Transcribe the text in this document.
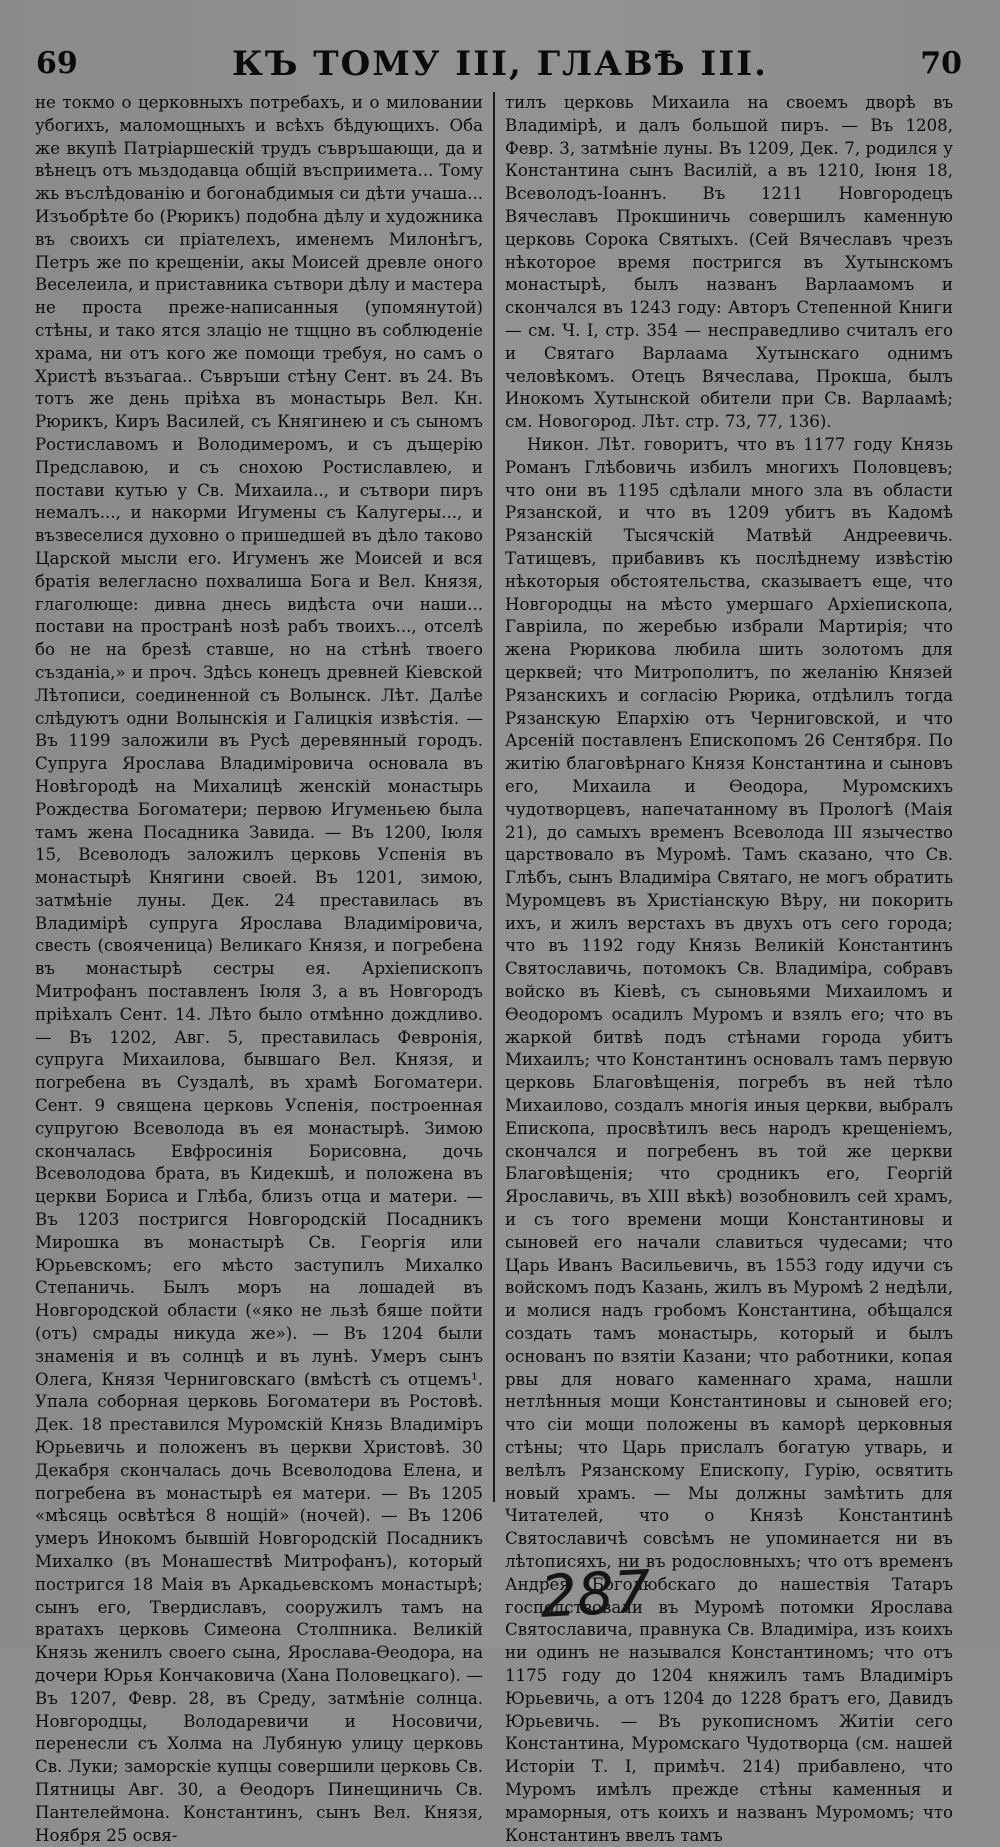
69	КЪ ТОМУ III, ГЛАВѢ III.	70

не токмо о церковныхъ потребахъ, и о миловании убогихъ, маломощныхъ и всѣхъ бѣдующихъ. Оба же вкупѣ Патріаршескій трудъ съвръшающи, да и вѣнецъ отъ мьздодавца общій въсприимета... Тому жь въслѣдованію и богонабдимыя си дѣти учаша... Изъобрѣте бо (Рюрикъ) подобна дѣлу и художника въ своихъ си пріателехъ, именемъ Милонѣгъ, Петръ же по крещеніи, акы Моисей древле оного Веселеила, и приставника сътвори дѣлу и мастера не проста преже-написанныя (упомянутой) стѣны, и тако ятся злаціо не тщцно въ соблюденіе храма, ни отъ кого же помощи требуя, но самъ о Христѣ възъагаа.. Съвръши стѣну Сент. въ 24. Въ тотъ же день пріѣха въ монастырь Вел. Кн. Рюрикъ, Киръ Василей, съ Княгинею и съ сыномъ Ростиславомъ и Володимеромъ, и съ дъщерію Предславою, и съ снохою Ростиславлею, и постави кутью у Св. Михаила.., и сътвори пиръ немалъ..., и накорми Игумены съ Калугеры..., и възвеселися духовно о пришедшей въ дѣло таково Царской мысли его. Игуменъ же Моисей и вся братія велегласно похвалиша Бога и Вел. Князя, глаголюще: дивна днесь видѣста очи наши... постави на пространѣ нозѣ рабъ твоихъ..., отселѣ бо не на брезѣ ставше, но на стѣнѣ твоего създаніа,» и проч. Здѣсь конецъ древней Кіевской Лѣтописи, соединенной съ Волынск. Лѣт. Далѣе слѣдуютъ одни Волынскія и Галицкія извѣстія. — Въ 1199 заложили въ Русѣ деревянный городъ. Супруга Ярослава Владиміровича основала въ Новѣгородѣ на Михалицѣ женскій монастырь Рождества Богоматери; первою Игуменьею была тамъ жена Посадника Завида. — Въ 1200, Іюля 15, Всеволодъ заложилъ церковь Успенія въ монастырѣ Княгини своей. Въ 1201, зимою, затмѣніе луны. Дек. 24 преставилась въ Владимірѣ супруга Ярослава Владиміровича, свесть (свояченица) Великаго Князя, и погребена въ монастырѣ сестры ея. Архіепископъ Митрофанъ поставленъ Іюля 3, а въ Новгородъ пріѣхалъ Сент. 14. Лѣто было отмѣнно дождливо. — Въ 1202, Авг. 5, преставилась Февронія, супруга Михаилова, бывшаго Вел. Князя, и погребена въ Суздалѣ, въ храмѣ Богоматери. Сент. 9 священа церковь Успенія, построенная супругою Всеволода въ ея монастырѣ. Зимою скончалась Евфросинія Борисовна, дочь Всеволодова брата, въ Кидекшѣ, и положена въ церкви Бориса и Глѣба, близъ отца и матери. — Въ 1203 постригся Новгородскій Посадникъ Мирошка въ монастырѣ Св. Георгія или Юрьевскомъ; его мѣсто заступилъ Михалко Степаничь. Былъ моръ на лошадей въ Новгородской области («яко не льзѣ бяше пойти (отъ) смрады никуда же»). — Въ 1204 были знаменія и въ солнцѣ и въ лунѣ. Умеръ сынъ Олега, Князя Черниговскаго (вмѣстѣ съ отцемъ¹. Упала соборная церковь Богоматери въ Ростовѣ. Дек. 18 преставился Муромскій Князь Владиміръ Юрьевичь и положенъ въ церкви Христовѣ. 30 Декабря скончалась дочь Всеволодова Елена, и погребена въ монастырѣ ея матери. — Въ 1205 «мѣсяць освѣтѣся 8 нощій» (ночей). — Въ 1206 умеръ Инокомъ бывшій Новгородскій Посадникъ Михалко (въ Монашествѣ Митрофанъ), который постригся 18 Маія въ Аркадьевскомъ монастырѣ; сынъ его, Твердиславъ, сооружилъ тамъ на вратахъ церковь Симеона Столпника. Великій Князь женилъ своего сына, Ярослава-Ѳеодора, на дочери Юрья Кончаковича (Хана Половецкаго). — Въ 1207, Февр. 28, въ Среду, затмѣніе солнца. Новгородцы, Володаревичи и Носовичи, перенесли съ Холма на Лубяную улицу церковь Св. Луки; заморскіе купцы совершили церковь Св. Пятницы Авг. 30, а Ѳеодоръ Пинещиничь Св. Пантелеймона. Константинъ, сынъ Вел. Князя, Ноября 25 освя-

тилъ церковь Михаила на своемъ дворѣ въ Владимірѣ, и далъ большой пиръ. — Въ 1208, Февр. 3, затмѣніе луны. Въ 1209, Дек. 7, родился у Константина сынъ Василій, а въ 1210, Іюня 18, Всеволодъ-Іоаннъ. Въ 1211 Новгородецъ Вячеславъ Прокшиничь совершилъ каменную церковь Сорока Святыхъ. (Сей Вячеславъ чрезъ нѣкоторое время постригся въ Хутынскомъ монастырѣ, былъ названъ Варлаамомъ и скончался въ 1243 году: Авторъ Степенной Книги — см. Ч. I, стр. 354 — несправедливо считалъ его и Святаго Варлаама Хутынскаго однимъ человѣкомъ. Отецъ Вячеслава, Прокша, былъ Инокомъ Хутынской обители при Св. Варлаамѣ; см. Новогород. Лѣт. стр. 73, 77, 136).

Никон. Лѣт. говоритъ, что въ 1177 году Князь Романъ Глѣбовичь избилъ многихъ Половцевъ; что они въ 1195 сдѣлали много зла въ области Рязанской, и что въ 1209 убитъ въ Кадомѣ Рязанскій Тысячскій Матвѣй Андреевичь. Татищевъ, прибавивъ къ послѣднему извѣстію нѣкоторыя обстоятельства, сказываетъ еще, что Новгородцы на мѣсто умершаго Архіепископа, Гавріила, по жеребью избрали Мартирія; что жена Рюрикова любила шить золотомъ для церквей; что Митрополитъ, по желанію Князей Рязанскихъ и согласію Рюрика, отдѣлилъ тогда Рязанскую Епархію отъ Черниговской, и что Арсеній поставленъ Епископомъ 26 Сентября. По житію благовѣрнаго Князя Константина и сыновъ его, Михаила и Ѳеодора, Муромскихъ чудотворцевъ, напечатанному въ Прологѣ (Маія 21), до самыхъ временъ Всеволода III язычество царствовало въ Муромѣ. Тамъ сказано, что Св. Глѣбъ, сынъ Владиміра Святаго, не могъ обратить Муромцевъ въ Христіанскую Вѣру, ни покорить ихъ, и жилъ верстахъ въ двухъ отъ сего города; что въ 1192 году Князь Великій Константинъ Святославичь, потомокъ Св. Владиміра, собравъ войско въ Кіевѣ, съ сыновьями Михаиломъ и Ѳеодоромъ осадилъ Муромъ и взялъ его; что въ жаркой битвѣ подъ стѣнами города убитъ Михаилъ; что Константинъ основалъ тамъ первую церковь Благовѣщенія, погребъ въ ней тѣло Михаилово, создалъ многія иныя церкви, выбралъ Епископа, просвѣтилъ весь народъ крещеніемъ, скончался и погребенъ въ той же церкви Благовѣщенія; что сродникъ его, Георгій Ярославичь, въ XIII вѣкѣ) возобновилъ сей храмъ, и съ того времени мощи Константиновы и сыновей его начали славиться чудесами; что Царь Иванъ Васильевичь, въ 1553 году идучи съ войскомъ подъ Казань, жилъ въ Муромѣ 2 недѣли, и молися надъ гробомъ Константина, обѣщался создать тамъ монастырь, который и былъ основанъ по взятіи Казани; что работники, копая рвы для новаго каменнаго храма, нашли нетлѣнныя мощи Константиновы и сыновей его; что сіи мощи положены въ каморѣ церковныя стѣны; что Царь прислалъ богатую утварь, и велѣлъ Рязанскому Епископу, Гурію, освятить новый храмъ. — Мы должны замѣтить для Читателей, что о Князѣ Константинѣ Святославичѣ совсѣмъ не упоминается ни въ лѣтописяхъ, ни въ родословныхъ; что отъ временъ Андрея Боголюбскаго до нашествія Татаръ господствовали въ Муромѣ потомки Ярослава Святославича, правнука Св. Владиміра, изъ коихъ ни одинъ не назывался Константиномъ; что отъ 1175 году до 1204 княжилъ тамъ Владиміръ Юрьевичь, а отъ 1204 до 1228 братъ его, Давидъ Юрьевичь. — Въ рукописномъ Житіи сего Константина, Муромскаго Чудотворца (см. нашей Исторіи Т. I, примѣч. 214) прибавлено, что Муромъ имѣлъ прежде стѣны каменныя и мраморныя, отъ коихъ и названъ Муромомъ; что Константинъ ввелъ тамъ

287
